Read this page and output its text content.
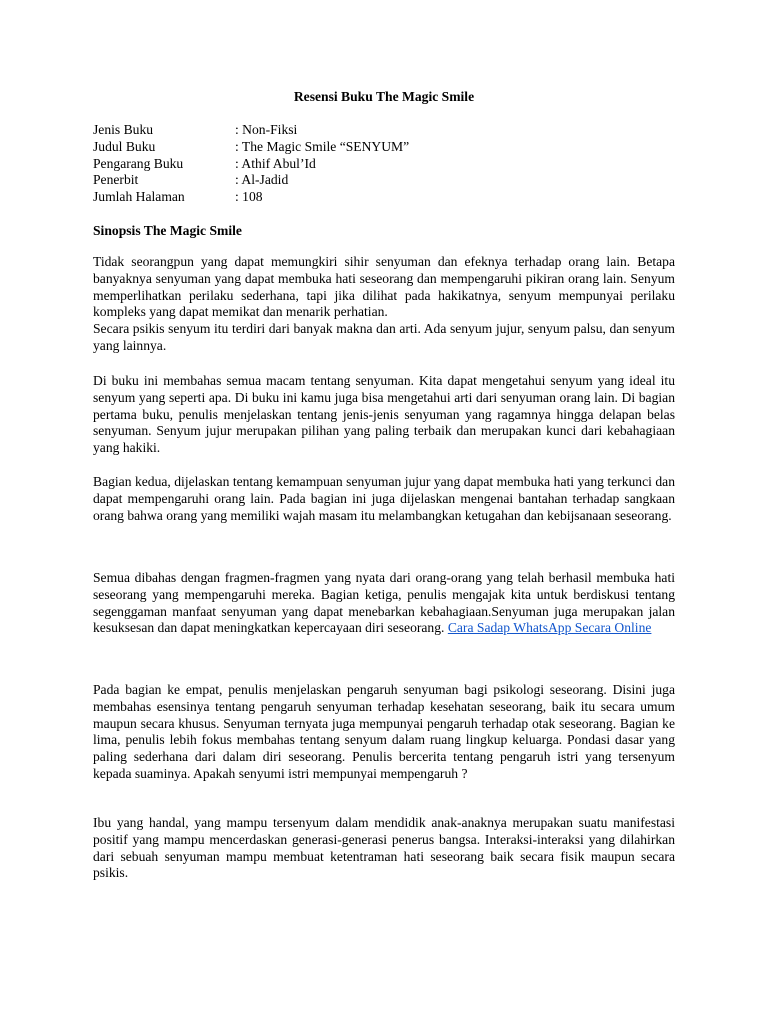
Resensi Buku The Magic Smile
Jenis Buku	: Non-Fiksi
Judul Buku	: The Magic Smile “SENYUM”
Pengarang Buku	: Athif Abul’Id
Penerbit	: Al-Jadid
Jumlah Halaman	: 108
Sinopsis The Magic Smile

Tidak seorangpun yang dapat memungkiri sihir senyuman dan efeknya terhadap orang lain. Betapa banyaknya senyuman yang dapat membuka hati seseorang dan mempengaruhi pikiran orang lain. Senyum memperlihatkan perilaku sederhana, tapi jika dilihat pada hakikatnya, senyum mempunyai perilaku kompleks yang dapat memikat dan menarik perhatian.
Secara psikis senyum itu terdiri dari banyak makna dan arti. Ada senyum jujur, senyum palsu, dan senyum yang lainnya.

Di buku ini membahas semua macam tentang senyuman. Kita dapat mengetahui senyum yang ideal itu senyum yang seperti apa. Di buku ini kamu juga bisa mengetahui arti dari senyuman orang lain. Di bagian pertama buku, penulis menjelaskan tentang jenis-jenis senyuman yang ragamnya hingga delapan belas senyuman. Senyum jujur merupakan pilihan yang paling terbaik dan merupakan kunci dari kebahagiaan yang hakiki.

Bagian kedua, dijelaskan tentang kemampuan senyuman jujur yang dapat membuka hati yang terkunci dan dapat mempengaruhi orang lain. Pada bagian ini juga dijelaskan mengenai bantahan terhadap sangkaan orang bahwa orang yang memiliki wajah masam itu melambangkan ketugahan dan kebijsanaan seseorang.

Semua dibahas dengan fragmen-fragmen yang nyata dari orang-orang yang telah berhasil membuka hati seseorang yang mempengaruhi mereka. Bagian ketiga, penulis mengajak kita untuk berdiskusi tentang segenggaman manfaat senyuman yang dapat menebarkan kebahagiaan.Senyuman juga merupakan jalan kesuksesan dan dapat meningkatkan kepercayaan diri seseorang. Cara Sadap WhatsApp Secara Online

Pada bagian ke empat, penulis menjelaskan pengaruh senyuman bagi psikologi seseorang. Disini juga membahas esensinya tentang pengaruh senyuman terhadap kesehatan seseorang, baik itu secara umum maupun secara khusus. Senyuman ternyata juga mempunyai pengaruh terhadap otak seseorang. Bagian ke lima, penulis lebih fokus membahas tentang senyum dalam ruang lingkup keluarga. Pondasi dasar yang paling sederhana dari dalam diri seseorang. Penulis bercerita tentang pengaruh istri yang tersenyum kepada suaminya. Apakah senyumi istri mempunyai mempengaruh ?

Ibu yang handal, yang mampu tersenyum dalam mendidik anak-anaknya merupakan suatu manifestasi positif yang mampu mencerdaskan generasi-generasi penerus bangsa. Interaksi-interaksi yang dilahirkan dari sebuah senyuman mampu membuat ketentraman hati seseorang baik secara fisik maupun secara psikis.
